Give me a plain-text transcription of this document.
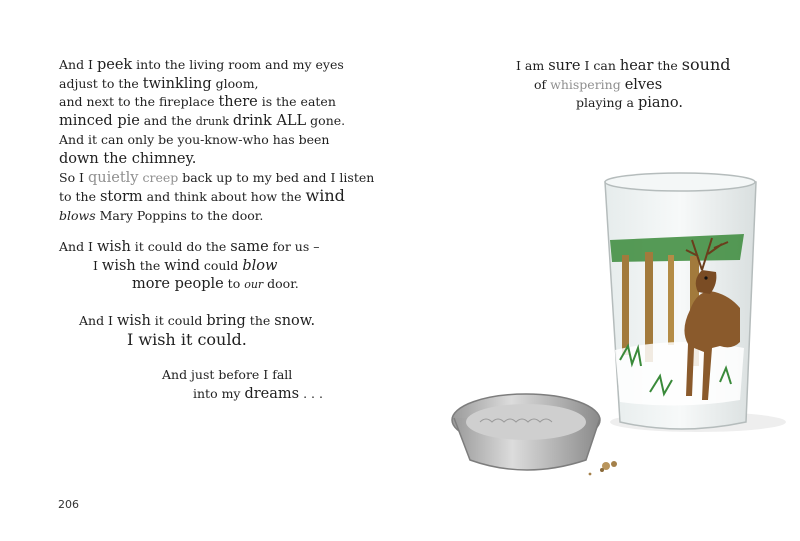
And I peek into the living room and my eyes
adjust to the twinkling gloom,
and next to the fireplace there is the eaten
minced pie and the drunk drink ALL gone.
And it can only be you-know-who has been
down the chimney.
So I quietly creep back up to my bed and I listen
to the storm and think about how the wind
blows Mary Poppins to the door.
And I wish it could do the same for us –
I wish the wind could blow
more people to our door.
And I wish it could bring the snow.
I wish it could.
And just before I fall
into my dreams . . .
I am sure I can hear the sound
of whispering elves
playing a piano.
206
